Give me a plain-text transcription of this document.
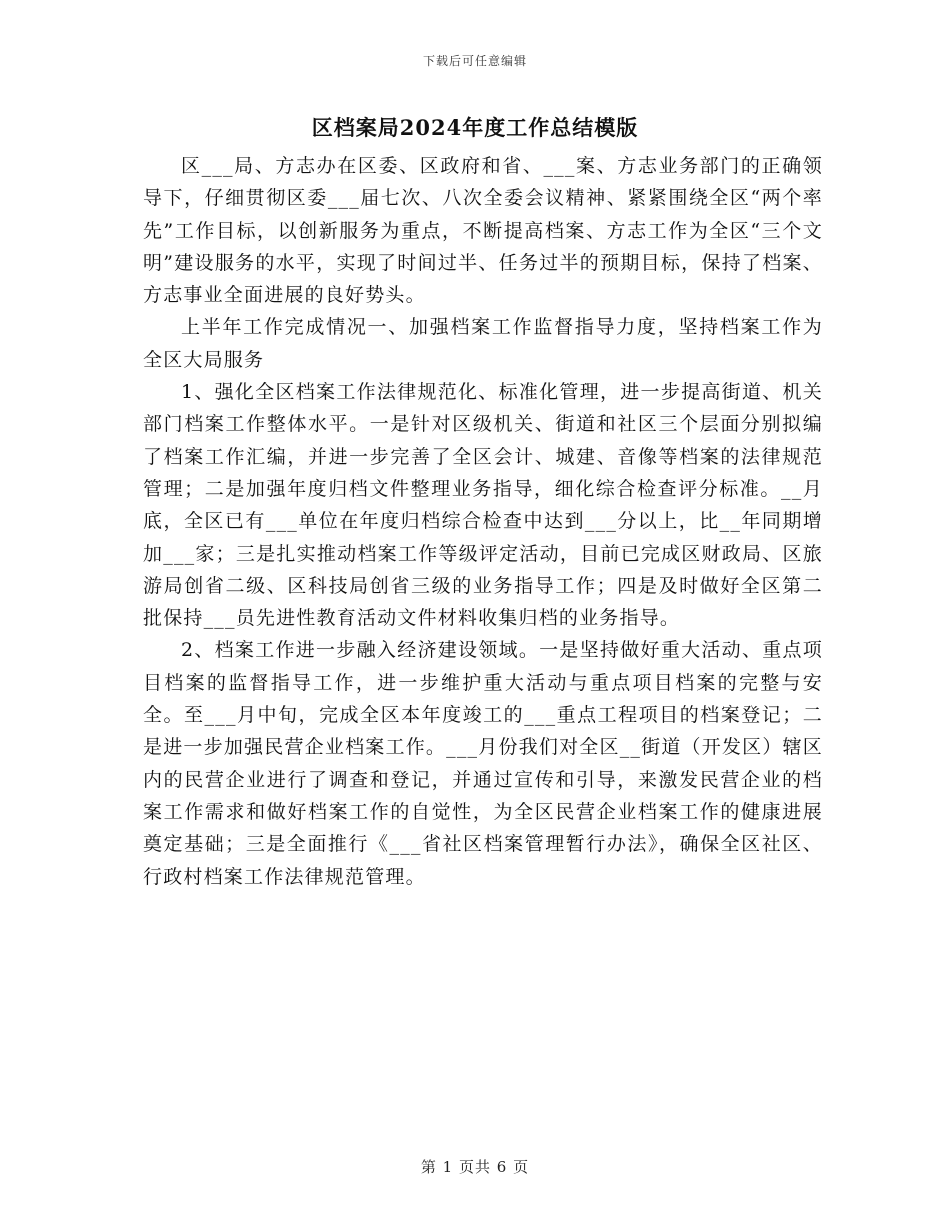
下载后可任意编辑
区档案局2024年度工作总结模版

区___局、方志办在区委、区政府和省、___案、方志业务部门的正确领导下，仔细贯彻区委___届七次、八次全委会议精神、紧紧围绕全区“两个率先”工作目标，以创新服务为重点，不断提高档案、方志工作为全区“三个文明”建设服务的水平，实现了时间过半、任务过半的预期目标，保持了档案、方志事业全面进展的良好势头。

上半年工作完成情况一、加强档案工作监督指导力度，坚持档案工作为全区大局服务

1、强化全区档案工作法律规范化、标准化管理，进一步提高街道、机关部门档案工作整体水平。一是针对区级机关、街道和社区三个层面分别拟编了档案工作汇编，并进一步完善了全区会计、城建、音像等档案的法律规范管理；二是加强年度归档文件整理业务指导，细化综合检查评分标准。__月底，全区已有___单位在年度归档综合检查中达到___分以上，比__年同期增加___家；三是扎实推动档案工作等级评定活动，目前已完成区财政局、区旅游局创省二级、区科技局创省三级的业务指导工作；四是及时做好全区第二批保持___员先进性教育活动文件材料收集归档的业务指导。

2、档案工作进一步融入经济建设领域。一是坚持做好重大活动、重点项目档案的监督指导工作，进一步维护重大活动与重点项目档案的完整与安全。至___月中旬，完成全区本年度竣工的___重点工程项目的档案登记；二是进一步加强民营企业档案工作。___月份我们对全区__街道（开发区）辖区内的民营企业进行了调查和登记，并通过宣传和引导，来激发民营企业的档案工作需求和做好档案工作的自觉性，为全区民营企业档案工作的健康进展奠定基础；三是全面推行《___省社区档案管理暂行办法》，确保全区社区、行政村档案工作法律规范管理。

第 1 页共 6 页
